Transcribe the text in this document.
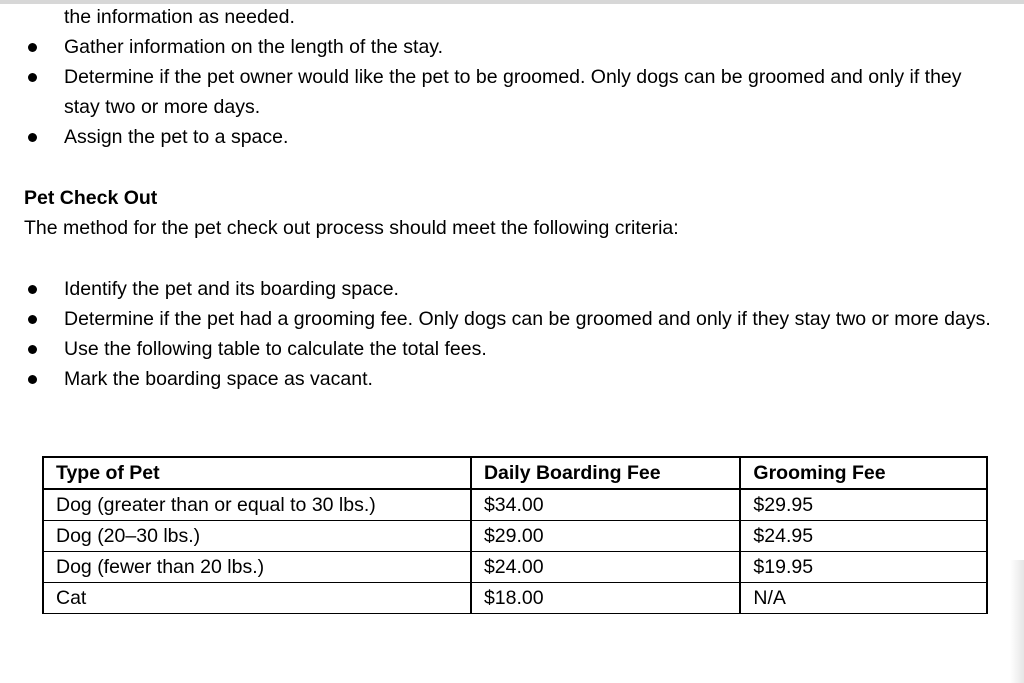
the information as needed.

Gather information on the length of the stay.
Determine if the pet owner would like the pet to be groomed. Only dogs can be groomed and only if they stay two or more days.
Assign the pet to a space.

Pet Check Out

The method for the pet check out process should meet the following criteria:

Identify the pet and its boarding space.
Determine if the pet had a grooming fee. Only dogs can be groomed and only if they stay two or more days.
Use the following table to calculate the total fees.
Mark the boarding space as vacant.
Type of Pet	Daily Boarding Fee	Grooming Fee
Dog (greater than or equal to 30 lbs.)	$34.00	$29.95
Dog (20–30 lbs.)	$29.00	$24.95
Dog (fewer than 20 lbs.)	$24.00	$19.95
Cat	$18.00	N/A
